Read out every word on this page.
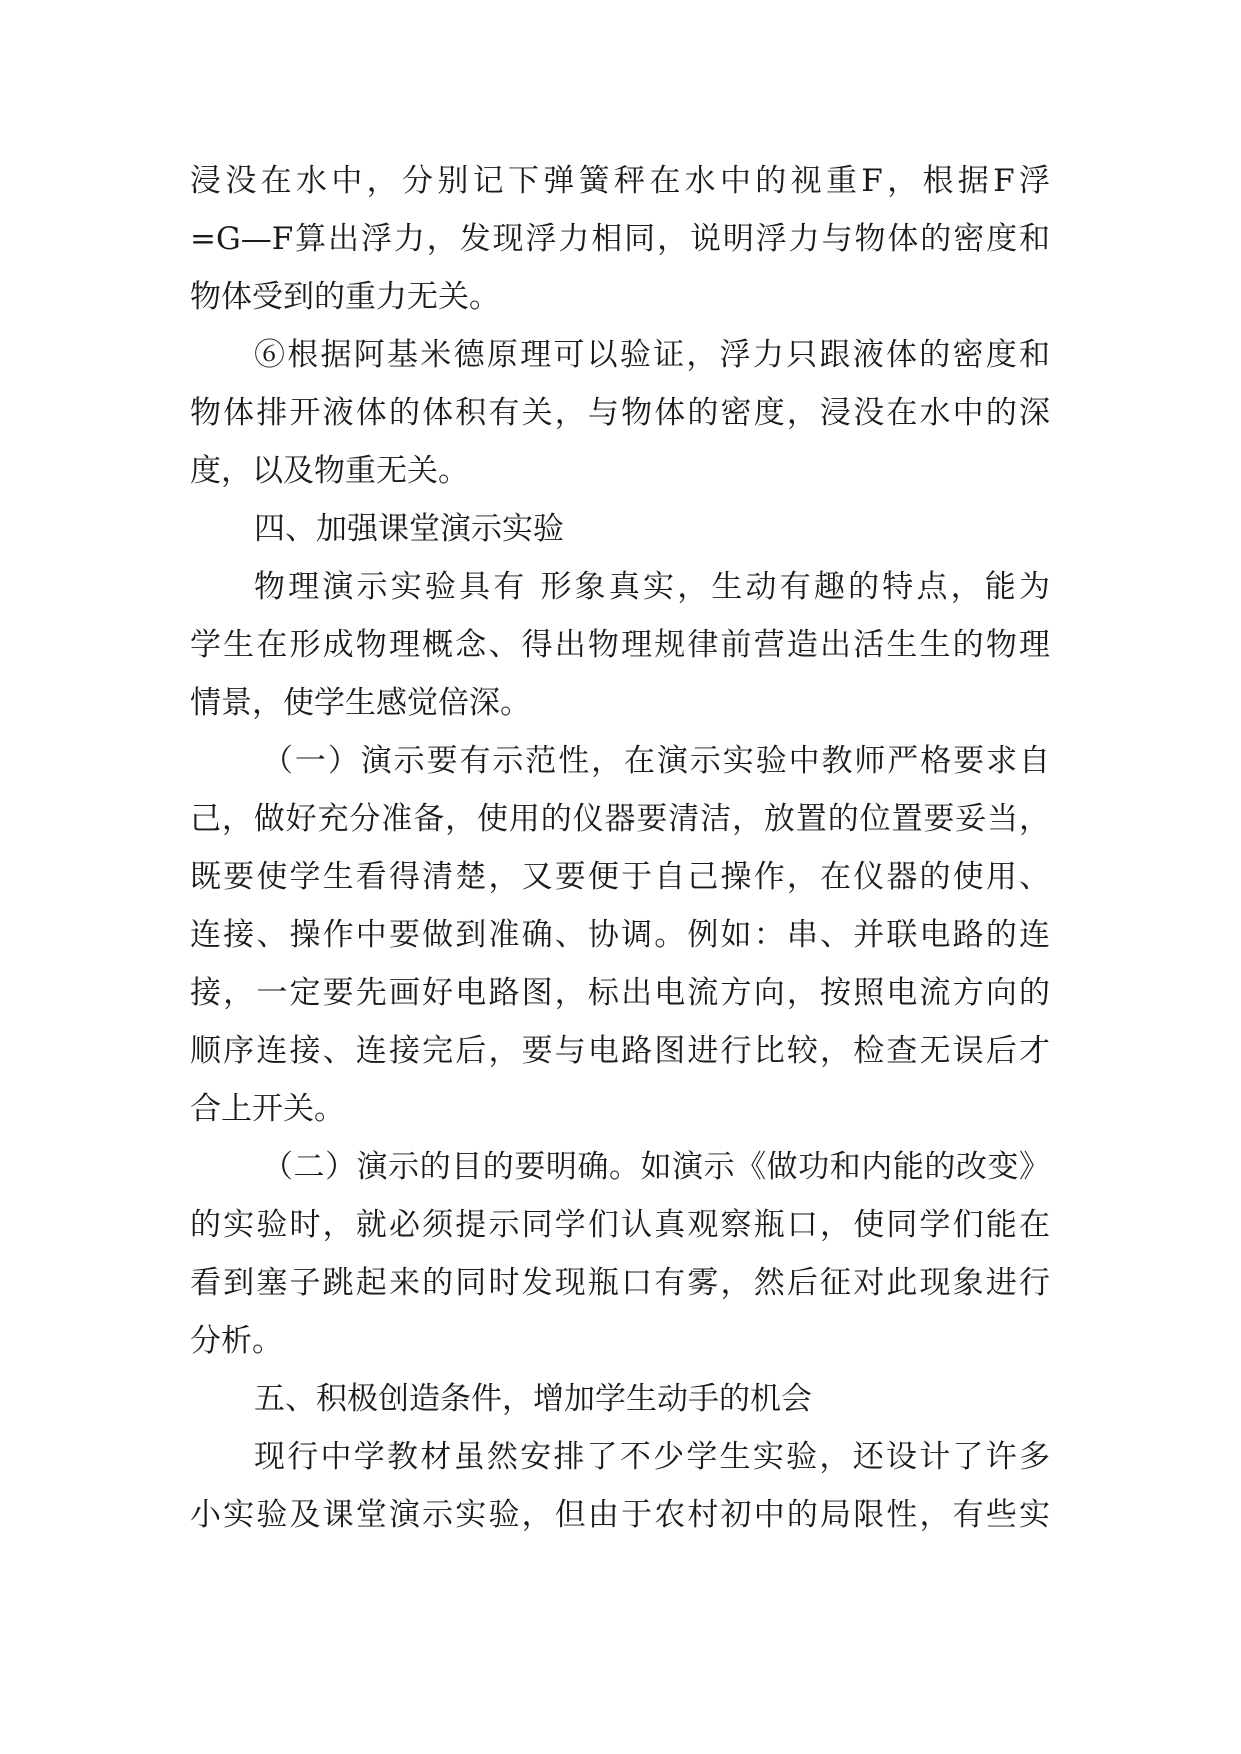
浸没在水中，分别记下弹簧秤在水中的视重F，根据F浮
=G—F算出浮力，发现浮力相同，说明浮力与物体的密度和
物体受到的重力无关。
⑥根据阿基米德原理可以验证，浮力只跟液体的密度和
物体排开液体的体积有关，与物体的密度，浸没在水中的深
度，以及物重无关。
四、加强课堂演示实验
物理演示实验具有 形象真实，生动有趣的特点，能为
学生在形成物理概念、得出物理规律前营造出活生生的物理
情景，使学生感觉倍深。
（一）演示要有示范性，在演示实验中教师严格要求自
己，做好充分准备，使用的仪器要清洁，放置的位置要妥当，
既要使学生看得清楚，又要便于自己操作，在仪器的使用、
连接、操作中要做到准确、协调。例如：串、并联电路的连
接，一定要先画好电路图，标出电流方向，按照电流方向的
顺序连接、连接完后，要与电路图进行比较，检查无误后才
合上开关。
（二）演示的目的要明确。如演示《做功和内能的改变》
的实验时，就必须提示同学们认真观察瓶口，使同学们能在
看到塞子跳起来的同时发现瓶口有雾，然后征对此现象进行
分析。
五、积极创造条件，增加学生动手的机会
现行中学教材虽然安排了不少学生实验，还设计了许多
小实验及课堂演示实验，但由于农村初中的局限性，有些实
